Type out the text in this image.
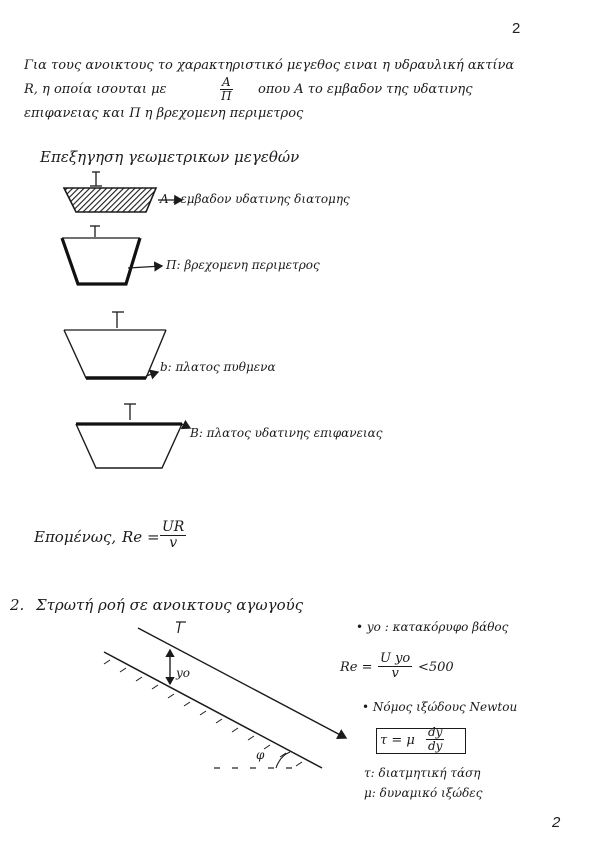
2
2
Για τους ανοικτους το χαρaκτηριστικό μεγεθος ειναι η υδραυλική ακτίνα
R, η οποία ισουται με	$\frac{A}{\Pi}$ οπου Α το εμβαδον της υδατινης
επιφανειας και Π η βρεχομενη περιμετρος
Επεξηγηση γεωμετρικων μεγεθών
A : εμβαδον υδατινης διατομης
Π: βρεχομενη περιμετρος
b: πλατος πυθμενα
B: πλατος υδατινης επιφανειας
Επομένως, $Re = \frac{UR}{v}$
2. Στρωτή ροή σε ανοικτους αγωγούς
• yo : κατακόρυφο βάθος
$Re = \frac{\text{U yo}}{v} <500$
• Νόμος ιξώδους Newtou
τ = μ $\frac{dy}{dy}$
τ: διατμητική τάση
μ: δυναμικό ιξώδες
yo
φ
